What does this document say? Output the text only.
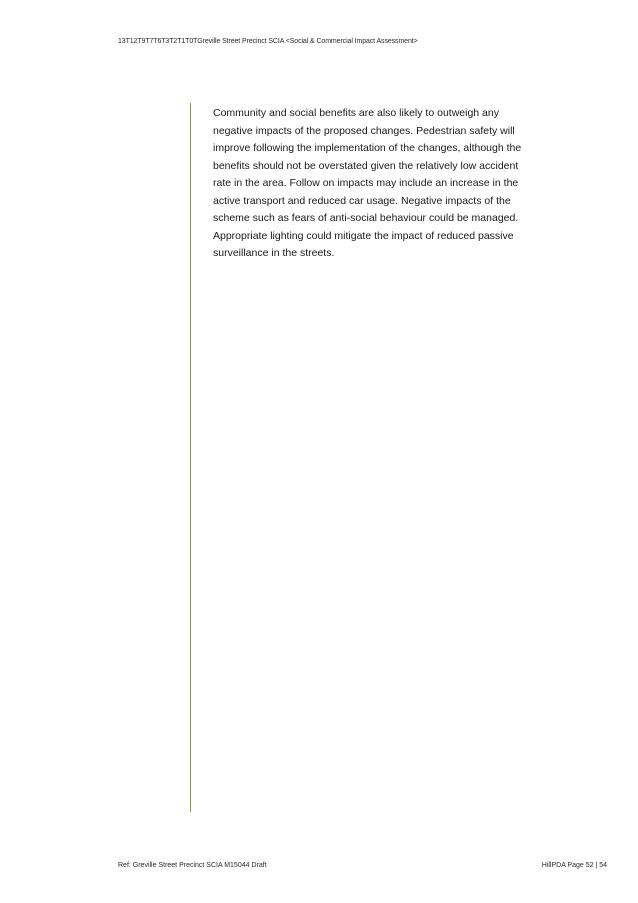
13T12T9T7T6T3T2T1T0TGreville Street Precinct SCIA <Social & Commercial Impact Assessment>
Community and social benefits are also likely to outweigh any
negative impacts of the proposed changes. Pedestrian safety will
improve following the implementation of the changes, although the
benefits should not be overstated given the relatively low accident
rate in the area. Follow on impacts may include an increase in the
active transport and reduced car usage. Negative impacts of the
scheme such as fears of anti-social behaviour could be managed.
Appropriate lighting could mitigate the impact of reduced passive
surveillance in the streets.
Ref: Greville Street Precinct SCIA M15044 Draft	HillPDA Page 52 | 54
